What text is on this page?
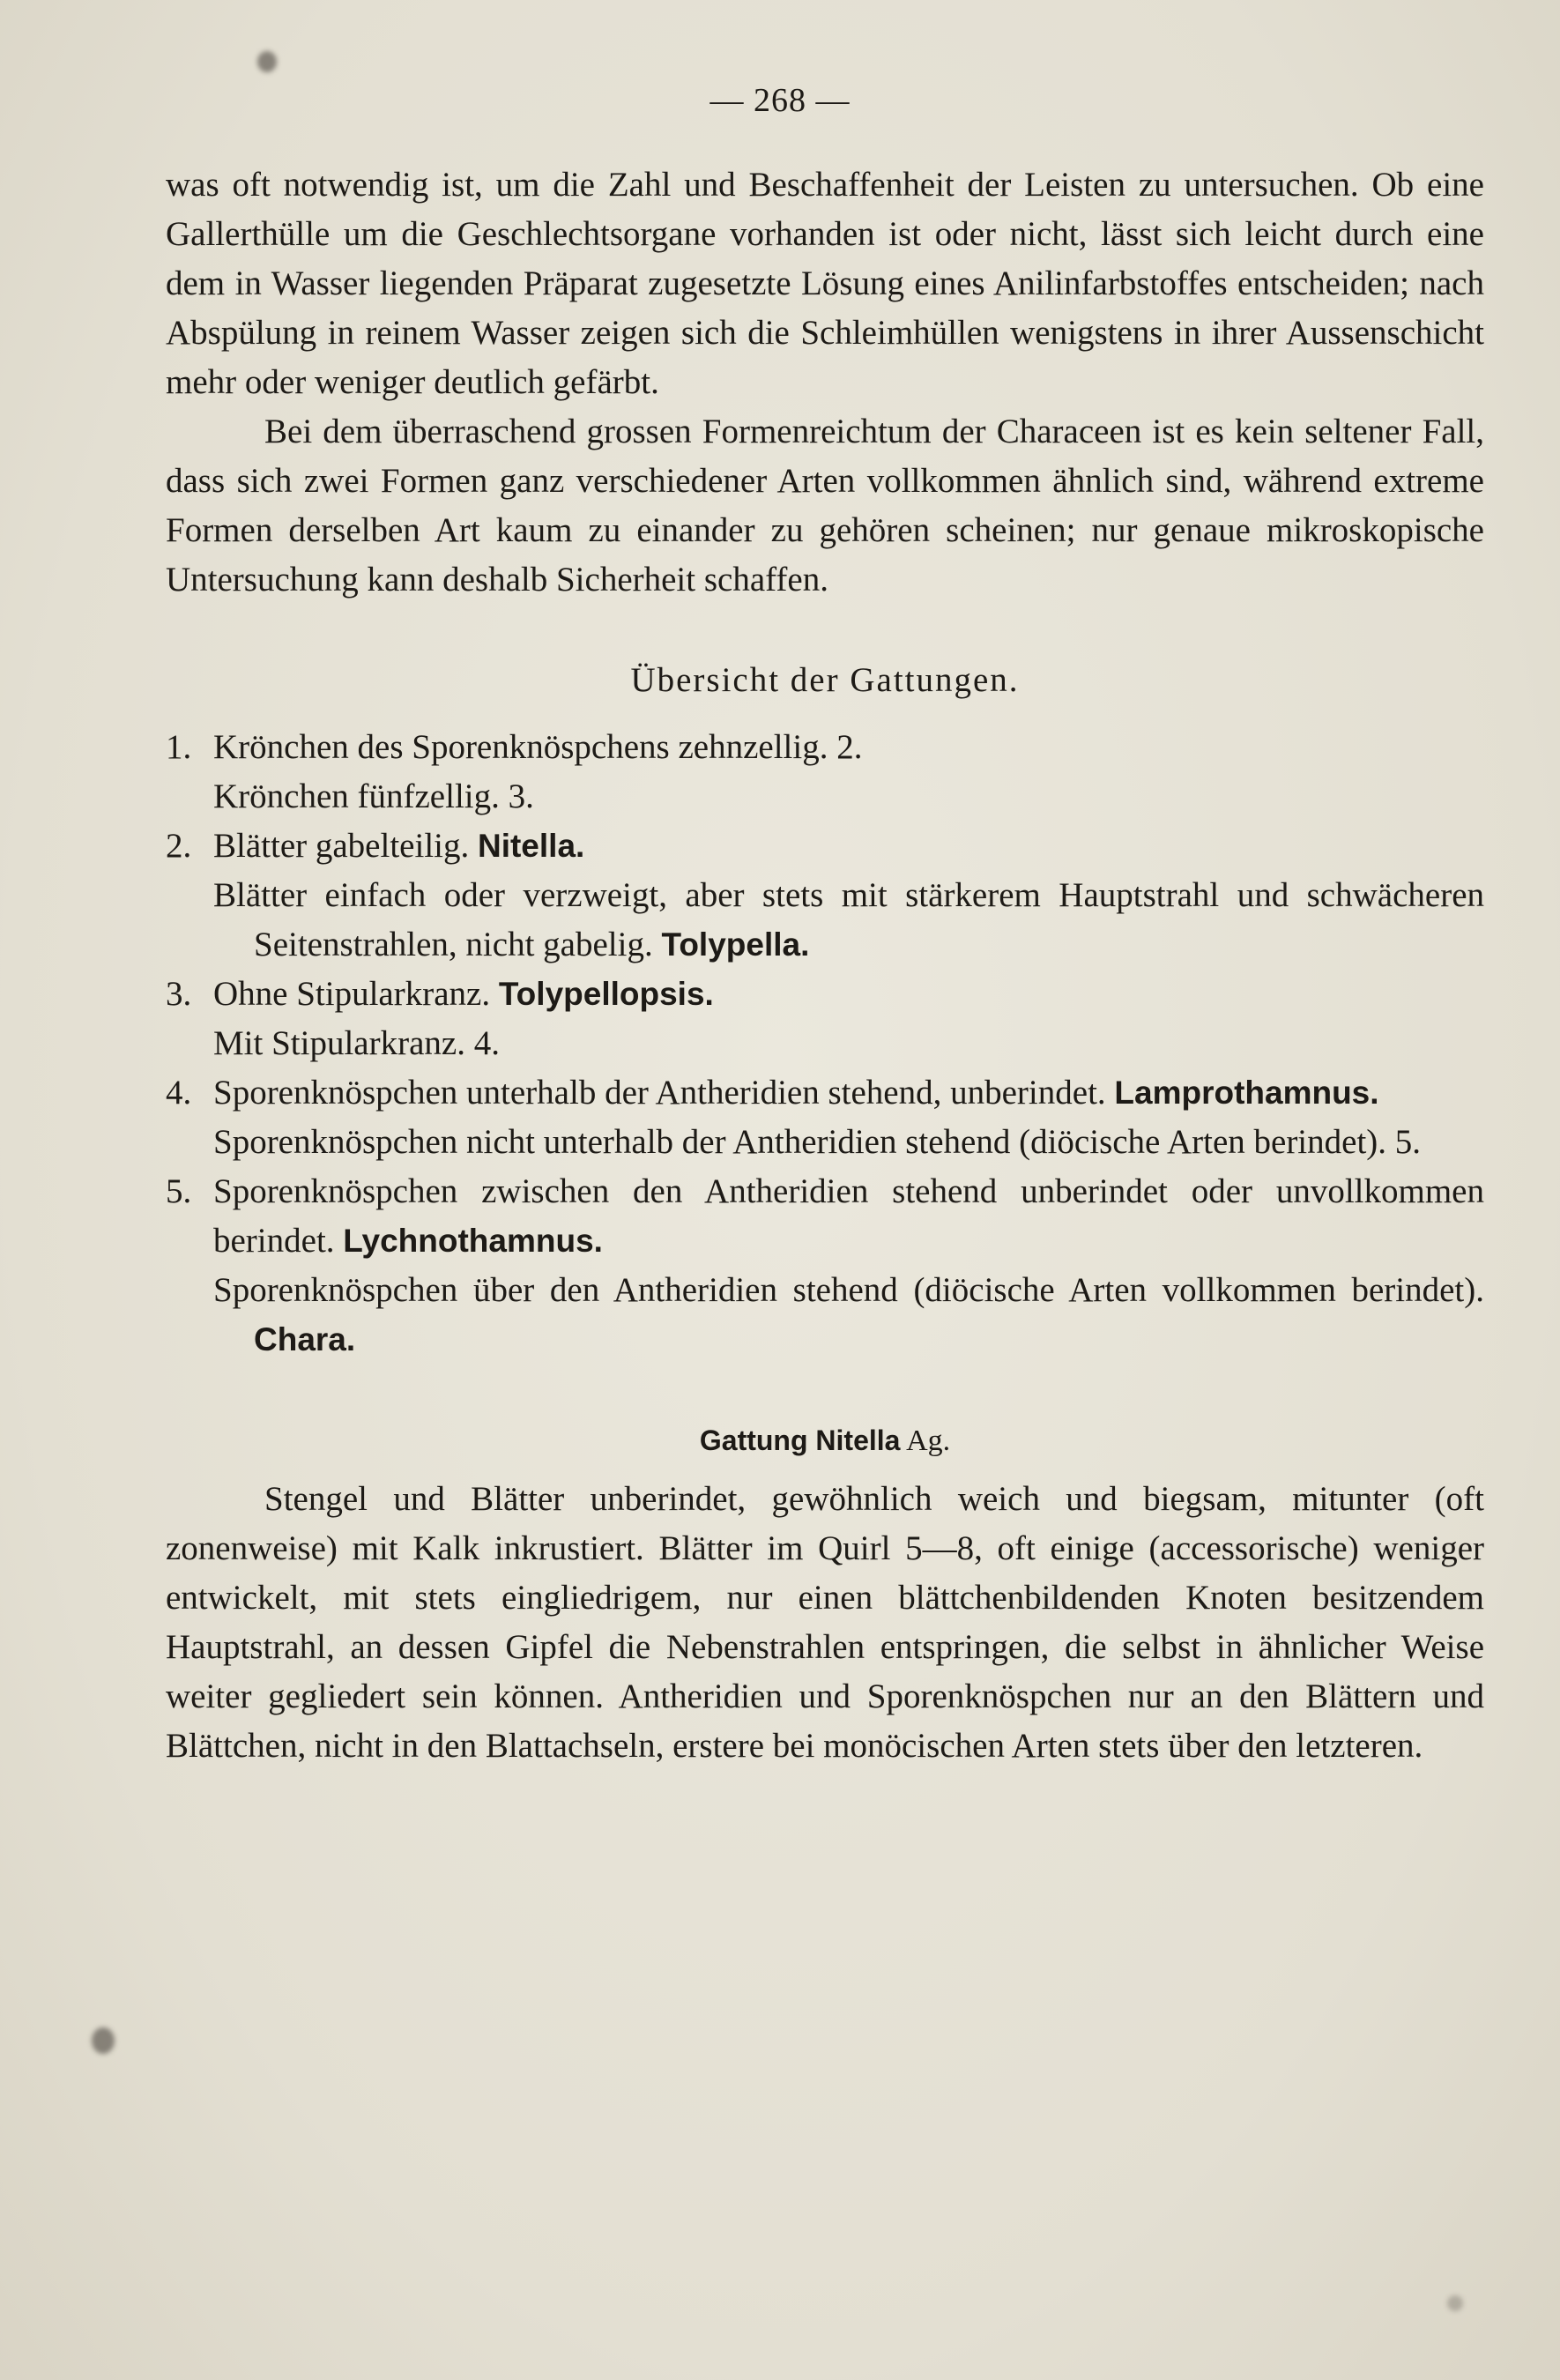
— 268 —

was oft notwendig ist, um die Zahl und Beschaffenheit der Leisten zu untersuchen. Ob eine Gallerthülle um die Geschlechtsorgane vorhanden ist oder nicht, lässt sich leicht durch eine dem in Wasser liegenden Präparat zugesetzte Lösung eines Anilinfarbstoffes entscheiden; nach Abspülung in reinem Wasser zeigen sich die Schleimhüllen wenigstens in ihrer Aussenschicht mehr oder weniger deutlich gefärbt.

Bei dem überraschend grossen Formenreichtum der Characeen ist es kein seltener Fall, dass sich zwei Formen ganz verschiedener Arten vollkommen ähnlich sind, während extreme Formen derselben Art kaum zu einander zu gehören scheinen; nur genaue mikroskopische Untersuchung kann deshalb Sicherheit schaffen.

Übersicht der Gattungen.
1. Krönchen des Sporenknöspchens zehnzellig. 2.
Krönchen fünfzellig. 3.
2. Blätter gabelteilig. Nitella.
Blätter einfach oder verzweigt, aber stets mit stärkerem Hauptstrahl und schwächeren Seitenstrahlen, nicht gabelig. Tolypella.
3. Ohne Stipularkranz. Tolypellopsis.
Mit Stipularkranz. 4.
4. Sporenknöspchen unterhalb der Antheridien stehend, unberindet. Lamprothamnus.
Sporenknöspchen nicht unterhalb der Antheridien stehend (diöcische Arten berindet). 5.
5. Sporenknöspchen zwischen den Antheridien stehend unberindet oder unvollkommen berindet. Lychnothamnus.
Sporenknöspchen über den Antheridien stehend (diöcische Arten vollkommen berindet). Chara.
Gattung Nitella Ag.

Stengel und Blätter unberindet, gewöhnlich weich und biegsam, mitunter (oft zonenweise) mit Kalk inkrustiert. Blätter im Quirl 5—8, oft einige (accessorische) weniger entwickelt, mit stets eingliedrigem, nur einen blättchenbildenden Knoten besitzendem Hauptstrahl, an dessen Gipfel die Nebenstrahlen entspringen, die selbst in ähnlicher Weise weiter gegliedert sein können. Antheridien und Sporenknöspchen nur an den Blättern und Blättchen, nicht in den Blattachseln, erstere bei monöcischen Arten stets über den letzteren.
